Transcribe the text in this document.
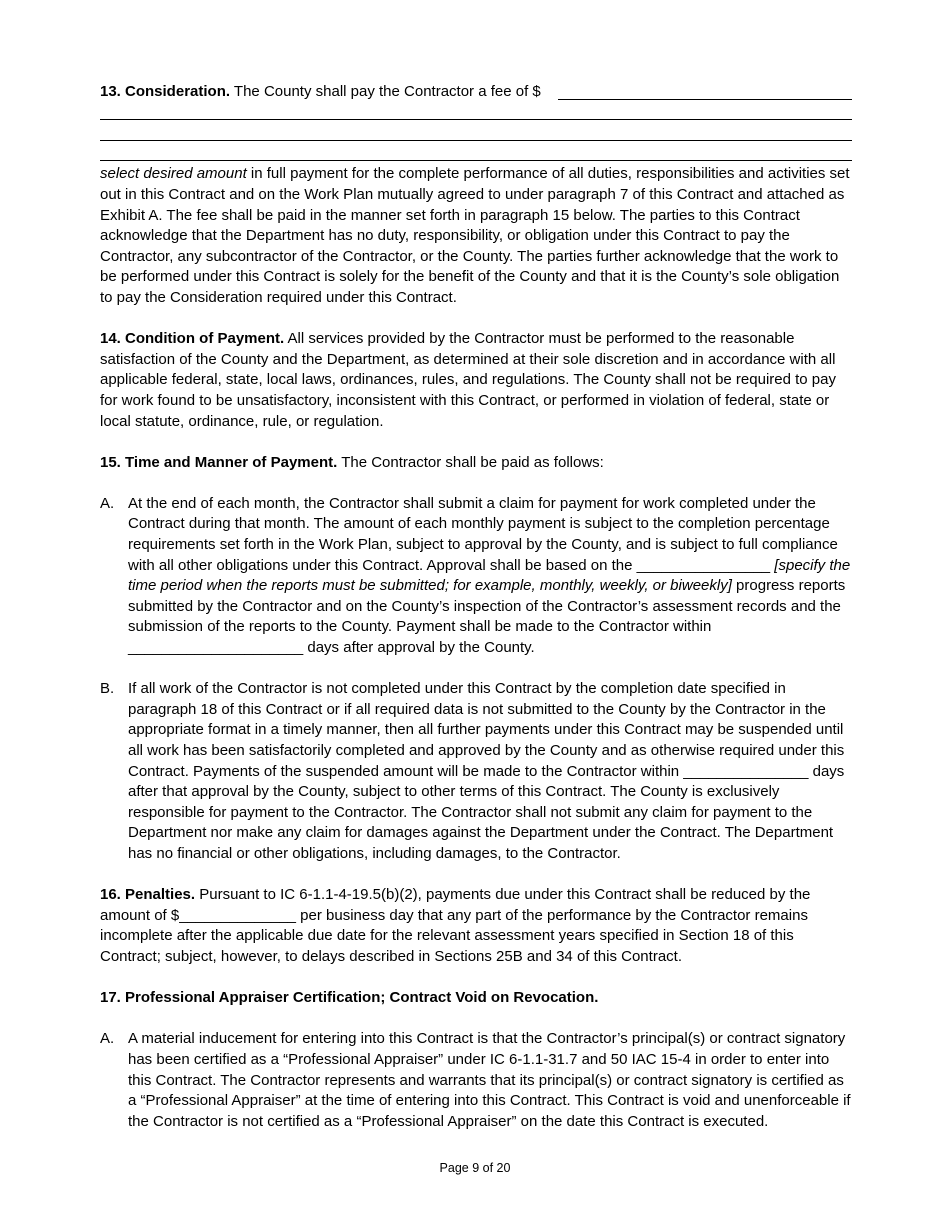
13. Consideration. The County shall pay the Contractor a fee of $

select desired amount in full payment for the complete performance of all duties, responsibilities and activities set out in this Contract and on the Work Plan mutually agreed to under paragraph 7 of this Contract and attached as Exhibit A. The fee shall be paid in the manner set forth in paragraph 15 below. The parties to this Contract acknowledge that the Department has no duty, responsibility, or obligation under this Contract to pay the Contractor, any subcontractor of the Contractor, or the County. The parties further acknowledge that the work to be performed under this Contract is solely for the benefit of the County and that it is the County’s sole obligation to pay the Consideration required under this Contract.

14. Condition of Payment. All services provided by the Contractor must be performed to the reasonable satisfaction of the County and the Department, as determined at their sole discretion and in accordance with all applicable federal, state, local laws, ordinances, rules, and regulations. The County shall not be required to pay for work found to be unsatisfactory, inconsistent with this Contract, or performed in violation of federal, state or local statute, ordinance, rule, or regulation.

15. Time and Manner of Payment. The Contractor shall be paid as follows:

A. At the end of each month, the Contractor shall submit a claim for payment for work completed under the Contract during that month. The amount of each monthly payment is subject to the completion percentage requirements set forth in the Work Plan, subject to approval by the County, and is subject to full compliance with all other obligations under this Contract. Approval shall be based on the ________________ [specify the time period when the reports must be submitted; for example, monthly, weekly, or biweekly] progress reports submitted by the Contractor and on the County’s inspection of the Contractor’s assessment records and the submission of the reports to the County. Payment shall be made to the Contractor within _____________________ days after approval by the County.
B. If all work of the Contractor is not completed under this Contract by the completion date specified in paragraph 18 of this Contract or if all required data is not submitted to the County by the Contractor in the appropriate format in a timely manner, then all further payments under this Contract may be suspended until all work has been satisfactorily completed and approved by the County and as otherwise required under this Contract. Payments of the suspended amount will be made to the Contractor within _______________ days after that approval by the County, subject to other terms of this Contract. The County is exclusively responsible for payment to the Contractor. The Contractor shall not submit any claim for payment to the Department nor make any claim for damages against the Department under the Contract. The Department has no financial or other obligations, including damages, to the Contractor.

16. Penalties. Pursuant to IC 6-1.1-4-19.5(b)(2), payments due under this Contract shall be reduced by the amount of $______________ per business day that any part of the performance by the Contractor remains incomplete after the applicable due date for the relevant assessment years specified in Section 18 of this Contract; subject, however, to delays described in Sections 25B and 34 of this Contract.

17. Professional Appraiser Certification; Contract Void on Revocation.

A. A material inducement for entering into this Contract is that the Contractor’s principal(s) or contract signatory has been certified as a “Professional Appraiser” under IC 6-1.1-31.7 and 50 IAC 15-4 in order to enter into this Contract. The Contractor represents and warrants that its principal(s) or contract signatory is certified as a “Professional Appraiser” at the time of entering into this Contract. This Contract is void and unenforceable if the Contractor is not certified as a “Professional Appraiser” on the date this Contract is executed.
Page 9 of 20
